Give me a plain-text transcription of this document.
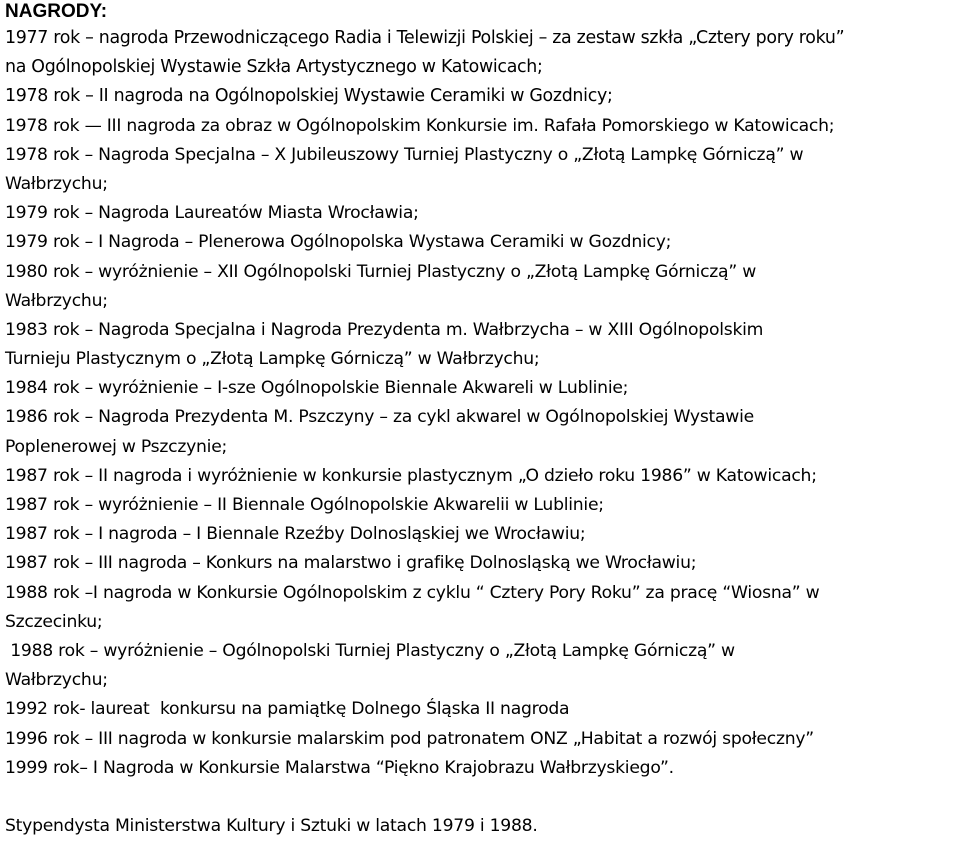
NAGRODY:
1977 rok – nagroda Przewodniczącego Radia i Telewizji Polskiej – za zestaw szkła „Cztery pory roku”
na Ogólnopolskiej Wystawie Szkła Artystycznego w Katowicach;
1978 rok – II nagroda na Ogólnopolskiej Wystawie Ceramiki w Gozdnicy;
1978 rok — III nagroda za obraz w Ogólnopolskim Konkursie im. Rafała Pomorskiego w Katowicach;
1978 rok – Nagroda Specjalna – X Jubileuszowy Turniej Plastyczny o „Złotą Lampkę Górniczą” w
Wałbrzychu;
1979 rok – Nagroda Laureatów Miasta Wrocławia;
1979 rok – I Nagroda – Plenerowa Ogólnopolska Wystawa Ceramiki w Gozdnicy;
1980 rok – wyróżnienie – XII Ogólnopolski Turniej Plastyczny o „Złotą Lampkę Górniczą” w
Wałbrzychu;
1983 rok – Nagroda Specjalna i Nagroda Prezydenta m. Wałbrzycha – w XIII Ogólnopolskim
Turnieju Plastycznym o „Złotą Lampkę Górniczą” w Wałbrzychu;
1984 rok – wyróżnienie – I-sze Ogólnopolskie Biennale Akwareli w Lublinie;
1986 rok – Nagroda Prezydenta M. Pszczyny – za cykl akwarel w Ogólnopolskiej Wystawie
Poplenerowej w Pszczynie;
1987 rok – II nagroda i wyróżnienie w konkursie plastycznym „O dzieło roku 1986” w Katowicach;
1987 rok – wyróżnienie – II Biennale Ogólnopolskie Akwarelii w Lublinie;
1987 rok – I nagroda – I Biennale Rzeźby Dolnosląskiej we Wrocławiu;
1987 rok – III nagroda – Konkurs na malarstwo i grafikę Dolnosląską we Wrocławiu;
1988 rok –I nagroda w Konkursie Ogólnopolskim z cyklu “ Cztery Pory Roku” za pracę “Wiosna” w
Szczecinku;
1988 rok – wyróżnienie – Ogólnopolski Turniej Plastyczny o „Złotą Lampkę Górniczą” w
Wałbrzychu;
1992 rok- laureat  konkursu na pamiątkę Dolnego Śląska II nagroda
1996 rok – III nagroda w konkursie malarskim pod patronatem ONZ „Habitat a rozwój społeczny”
1999 rok– I Nagroda w Konkursie Malarstwa “Piękno Krajobrazu Wałbrzyskiego”.
Stypendysta Ministerstwa Kultury i Sztuki w latach 1979 i 1988.
